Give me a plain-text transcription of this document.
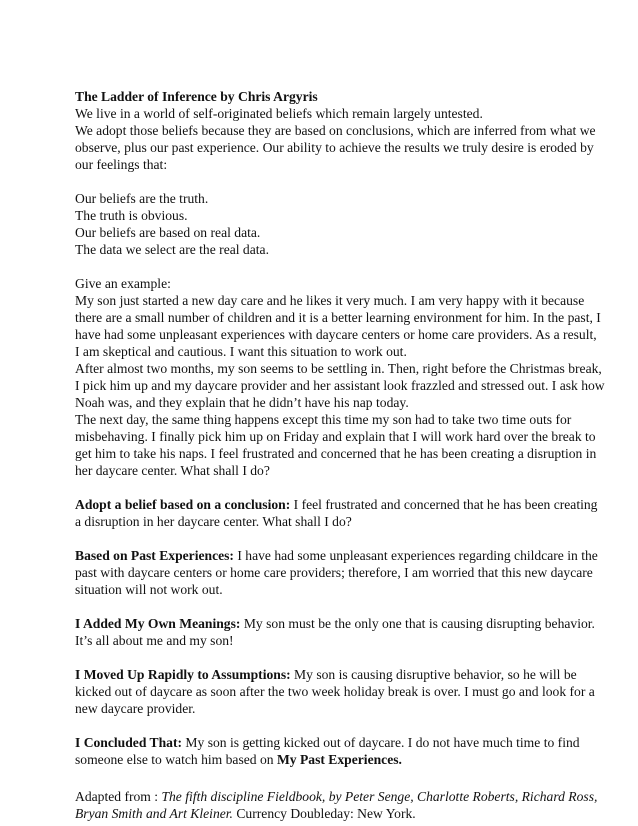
The Ladder of Inference by Chris Argyris
We live in a world of self-originated beliefs which remain largely untested.
We adopt those beliefs because they are based on conclusions, which are inferred from what we
observe, plus our past experience. Our ability to achieve the results we truly desire is eroded by
our feelings that:
Our beliefs are the truth.
The truth is obvious.
Our beliefs are based on real data.
The data we select are the real data.
Give an example:
My son just started a new day care and he likes it very much. I am very happy with it because
there are a small number of children and it is a better learning environment for him. In the past, I
have had some unpleasant experiences with daycare centers or home care providers. As a result,
I am skeptical and cautious. I want this situation to work out.
After almost two months, my son seems to be settling in. Then, right before the Christmas break,
I pick him up and my daycare provider and her assistant look frazzled and stressed out. I ask how
Noah was, and they explain that he didn’t have his nap today.
The next day, the same thing happens except this time my son had to take two time outs for
misbehaving. I finally pick him up on Friday and explain that I will work hard over the break to
get him to take his naps. I feel frustrated and concerned that he has been creating a disruption in
her daycare center. What shall I do?
Adopt a belief based on a conclusion: I feel frustrated and concerned that he has been creating
a disruption in her daycare center. What shall I do?
Based on Past Experiences: I have had some unpleasant experiences regarding childcare in the
past with daycare centers or home care providers; therefore, I am worried that this new daycare
situation will not work out.
I Added My Own Meanings: My son must be the only one that is causing disrupting behavior.
It’s all about me and my son!
I Moved Up Rapidly to Assumptions: My son is causing disruptive behavior, so he will be
kicked out of daycare as soon after the two week holiday break is over. I must go and look for a
new daycare provider.
I Concluded That: My son is getting kicked out of daycare. I do not have much time to find
someone else to watch him based on My Past Experiences.
Adapted from : The fifth discipline Fieldbook, by Peter Senge, Charlotte Roberts, Richard Ross,
Bryan Smith and Art Kleiner. Currency Doubleday: New York.
